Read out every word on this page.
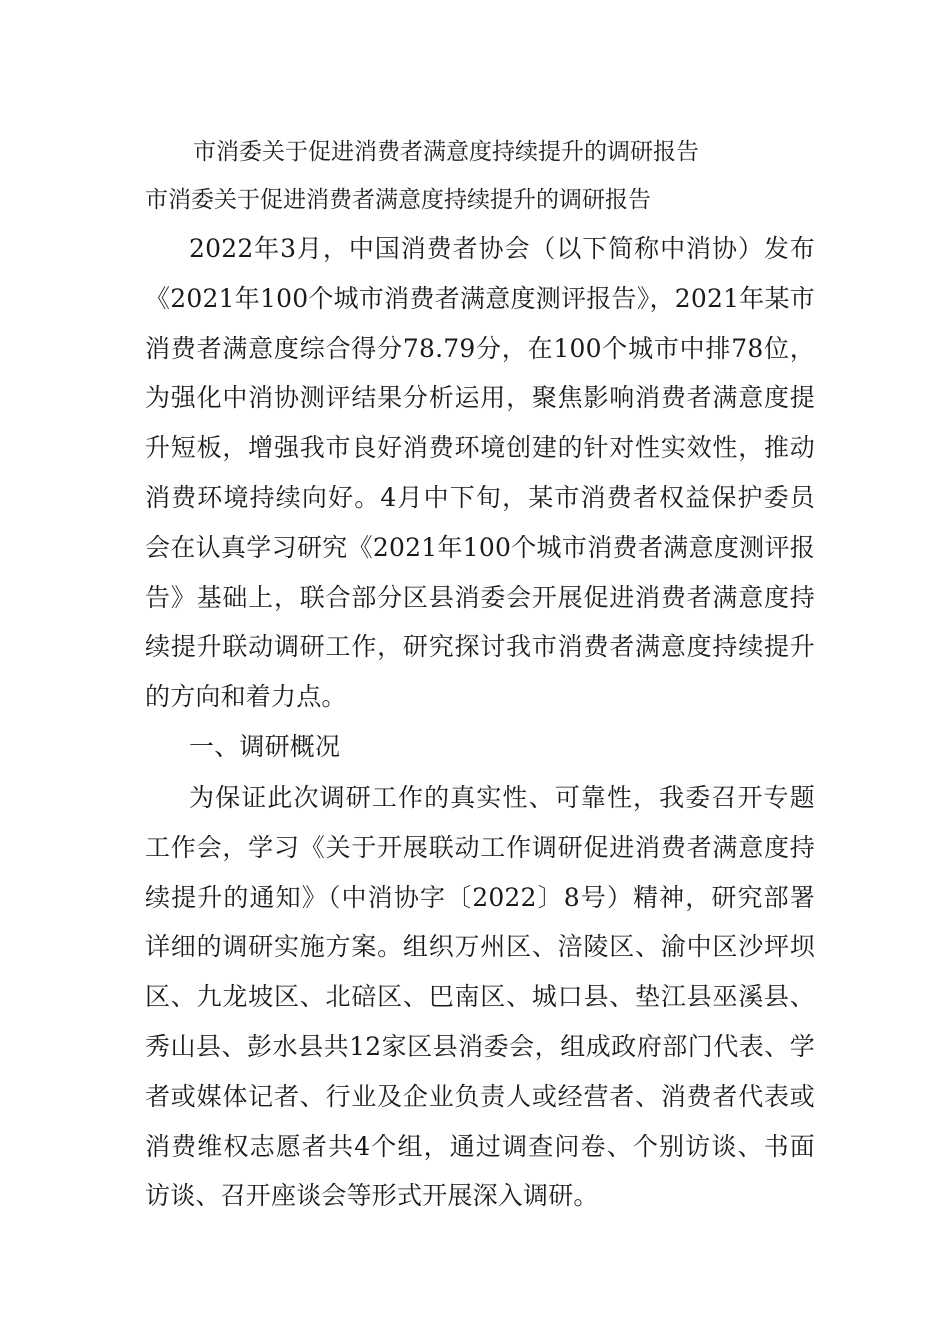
市消委关于促进消费者满意度持续提升的调研报告
市消委关于促进消费者满意度持续提升的调研报告
2022年3月，中国消费者协会（以下简称中消协）发布《2021年100个城市消费者满意度测评报告》，2021年某市消费者满意度综合得分78.79分，在100个城市中排78位，为强化中消协测评结果分析运用，聚焦影响消费者满意度提升短板，增强我市良好消费环境创建的针对性实效性，推动消费环境持续向好。4月中下旬，某市消费者权益保护委员会在认真学习研究《2021年100个城市消费者满意度测评报告》基础上，联合部分区县消委会开展促进消费者满意度持续提升联动调研工作，研究探讨我市消费者满意度持续提升的方向和着力点。
一、调研概况
为保证此次调研工作的真实性、可靠性，我委召开专题工作会，学习《关于开展联动工作调研促进消费者满意度持续提升的通知》（中消协字〔2022〕8号）精神，研究部署详细的调研实施方案。组织万州区、涪陵区、渝中区沙坪坝区、九龙坡区、北碚区、巴南区、城口县、垫江县巫溪县、秀山县、彭水县共12家区县消委会，组成政府部门代表、学者或媒体记者、行业及企业负责人或经营者、消费者代表或消费维权志愿者共4个组，通过调查问卷、个别访谈、书面访谈、召开座谈会等形式开展深入调研。
